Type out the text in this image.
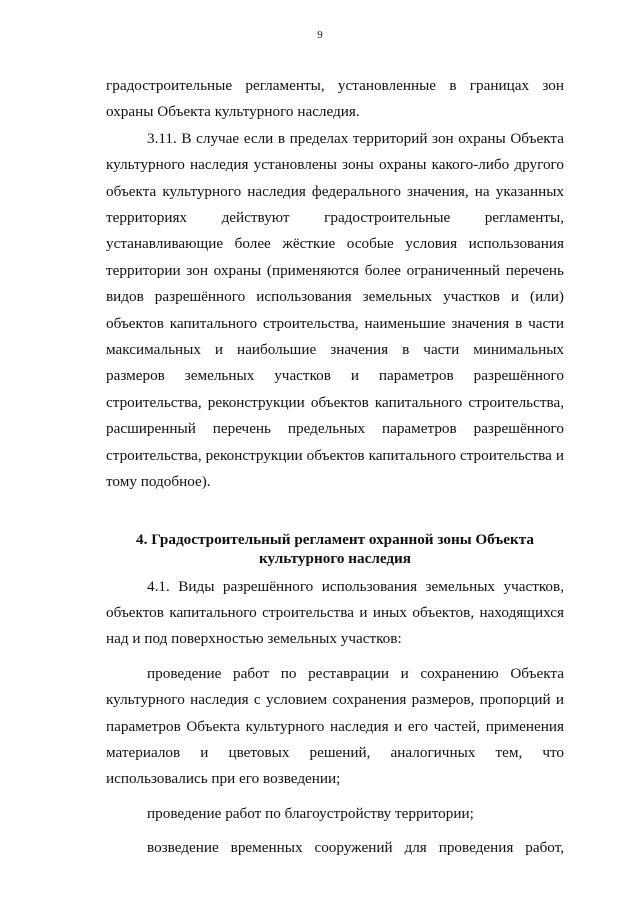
9

градостроительные регламенты, установленные в границах зон охраны Объекта культурного наследия.

3.11. В случае если в пределах территорий зон охраны Объекта культурного наследия установлены зоны охраны какого-либо другого объекта культурного наследия федерального значения, на указанных территориях действуют градостроительные регламенты, устанавливающие более жёсткие особые условия использования территории зон охраны (применяются более ограниченный перечень видов разрешённого использования земельных участков и (или) объектов капитального строительства, наименьшие значения в части максимальных и наибольшие значения в части минимальных размеров земельных участков и параметров разрешённого строительства, реконструкции объектов капитального строительства, расширенный перечень предельных параметров разрешённого строительства, реконструкции объектов капитального строительства и тому подобное).

4. Градостроительный регламент охранной зоны Объекта
культурного наследия

4.1. Виды разрешённого использования земельных участков, объектов капитального строительства и иных объектов, находящихся над и под поверхностью земельных участков:

проведение работ по реставрации и сохранению Объекта культурного наследия с условием сохранения размеров, пропорций и параметров Объекта культурного наследия и его частей, применения материалов и цветовых решений, аналогичных тем, что использовались при его возведении;

проведение работ по благоустройству территории;

возведение временных сооружений для проведения работ,
